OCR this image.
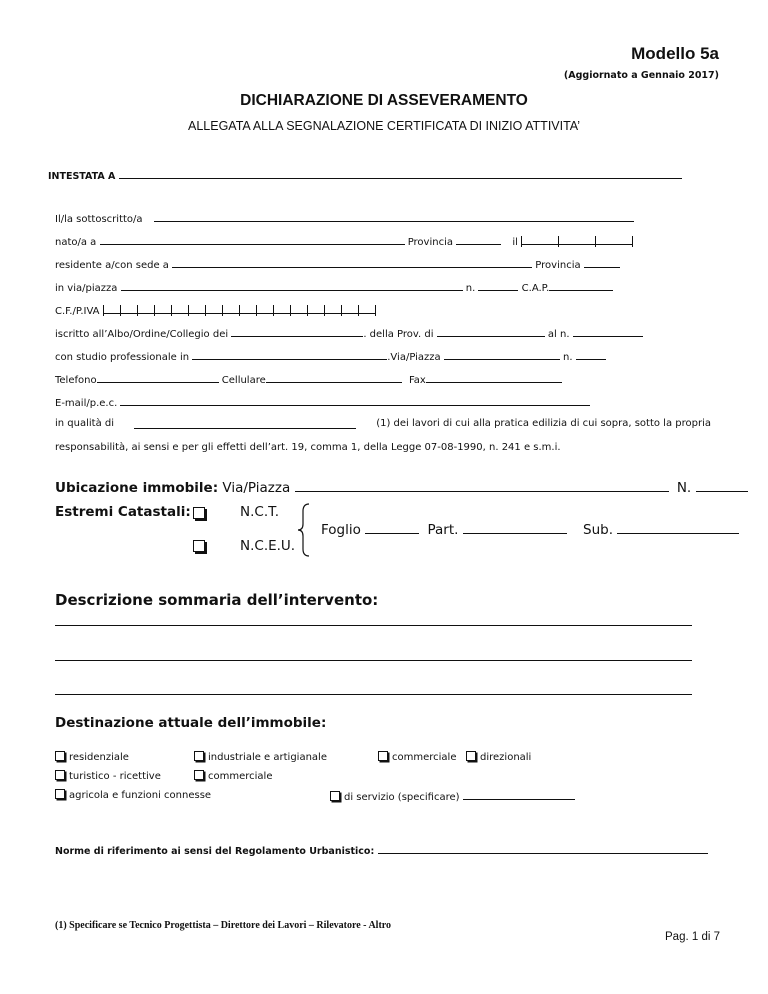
Modello 5a
(Aggiornato a Gennaio 2017)
DICHIARAZIONE DI ASSEVERAMENTO
ALLEGATA ALLA SEGNALAZIONE CERTIFICATA DI INIZIO ATTIVITA’
INTESTATA A
Il/la sottoscritto/a
nato/a a	Provincia	il
residente a/con sede a	Provincia
in via/piazza	n.	C.A.P.
C.F./P.IVA
iscritto all’Albo/Ordine/Collegio dei	. della Prov. di	al n.
con studio professionale in	.Via/Piazza	n.
Telefono	Cellulare	Fax
E-mail/p.e.c.
in qualità di	(1) dei lavori di cui alla pratica edilizia di cui sopra, sotto la propria
responsabilità, ai sensi e per gli effetti dell’art. 19, comma 1, della Legge 07-08-1990, n. 241 e s.m.i.
Ubicazione immobile: Via/Piazza	N.
Estremi Catastali:	N.C.T.
N.C.E.U.
Foglio	Part.	Sub.
Descrizione sommaria dell’intervento:
Destinazione attuale dell’immobile:
residenziale	industriale e artigianale	commerciale	direzionali
turistico - ricettive	commerciale
agricola e funzioni connesse	di servizio (specificare)
Norme di riferimento ai sensi del Regolamento Urbanistico:
(1) Specificare se Tecnico Progettista – Direttore dei Lavori – Rilevatore - Altro
Pag. 1 di 7
